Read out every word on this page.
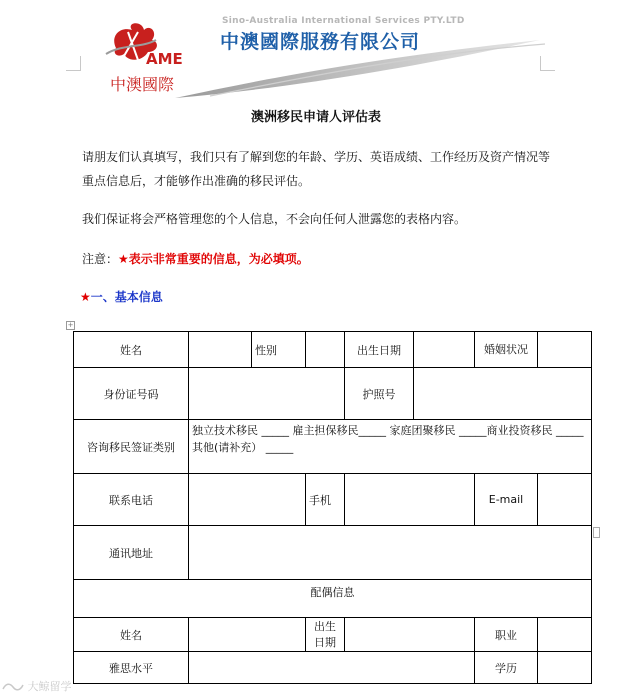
Sino-Australia International Services PTY.LTD
中澳國際服務有限公司
AME
中澳國際
澳洲移民申请人评估表
请朋友们认真填写，我们只有了解到您的年龄、学历、英语成绩、工作经历及资产情况等重点信息后，才能够作出准确的移民评估。
我们保证将会严格管理您的个人信息，不会向任何人泄露您的表格内容。
注意：★表示非常重要的信息，为必填项。
★一、基本信息
+
姓名		性别		出生日期		婚姻状况	
身份证号码				护照号			
咨询移民签证类别	独立技术移民 _____ 雇主担保移民_____ 家庭团聚移民 _____商业投资移民 _____
其他(请补充） _____						

联系电话			手机			E-mail	
通讯地址							
配偶信息							
姓名			出生日期			职业	
雅思水平						学历	
大鲸留学
